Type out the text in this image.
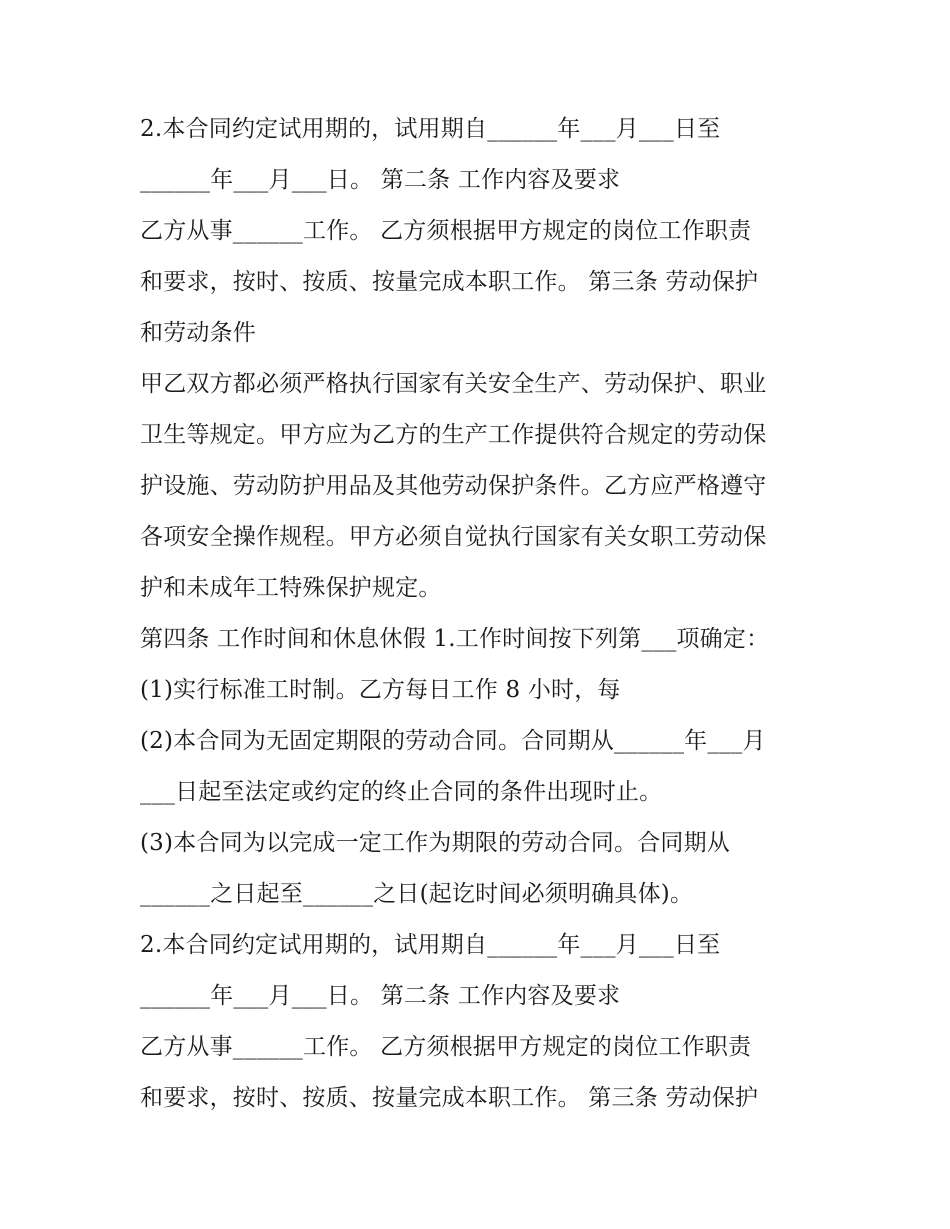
2.本合同约定试用期的，试用期自______年___月___日至
______年___月___日。 第二条 工作内容及要求
乙方从事______工作。 乙方须根据甲方规定的岗位工作职责
和要求，按时、按质、按量完成本职工作。 第三条 劳动保护
和劳动条件
甲乙双方都必须严格执行国家有关安全生产、劳动保护、职业
卫生等规定。甲方应为乙方的生产工作提供符合规定的劳动保
护设施、劳动防护用品及其他劳动保护条件。乙方应严格遵守
各项安全操作规程。甲方必须自觉执行国家有关女职工劳动保
护和未成年工特殊保护规定。
第四条 工作时间和休息休假 1.工作时间按下列第___项确定：
(1)实行标准工时制。乙方每日工作 8 小时，每
(2)本合同为无固定期限的劳动合同。合同期从______年___月
___日起至法定或约定的终止合同的条件出现时止。
(3)本合同为以完成一定工作为期限的劳动合同。合同期从
______之日起至______之日(起讫时间必须明确具体)。
2.本合同约定试用期的，试用期自______年___月___日至
______年___月___日。 第二条 工作内容及要求
乙方从事______工作。 乙方须根据甲方规定的岗位工作职责
和要求，按时、按质、按量完成本职工作。 第三条 劳动保护
